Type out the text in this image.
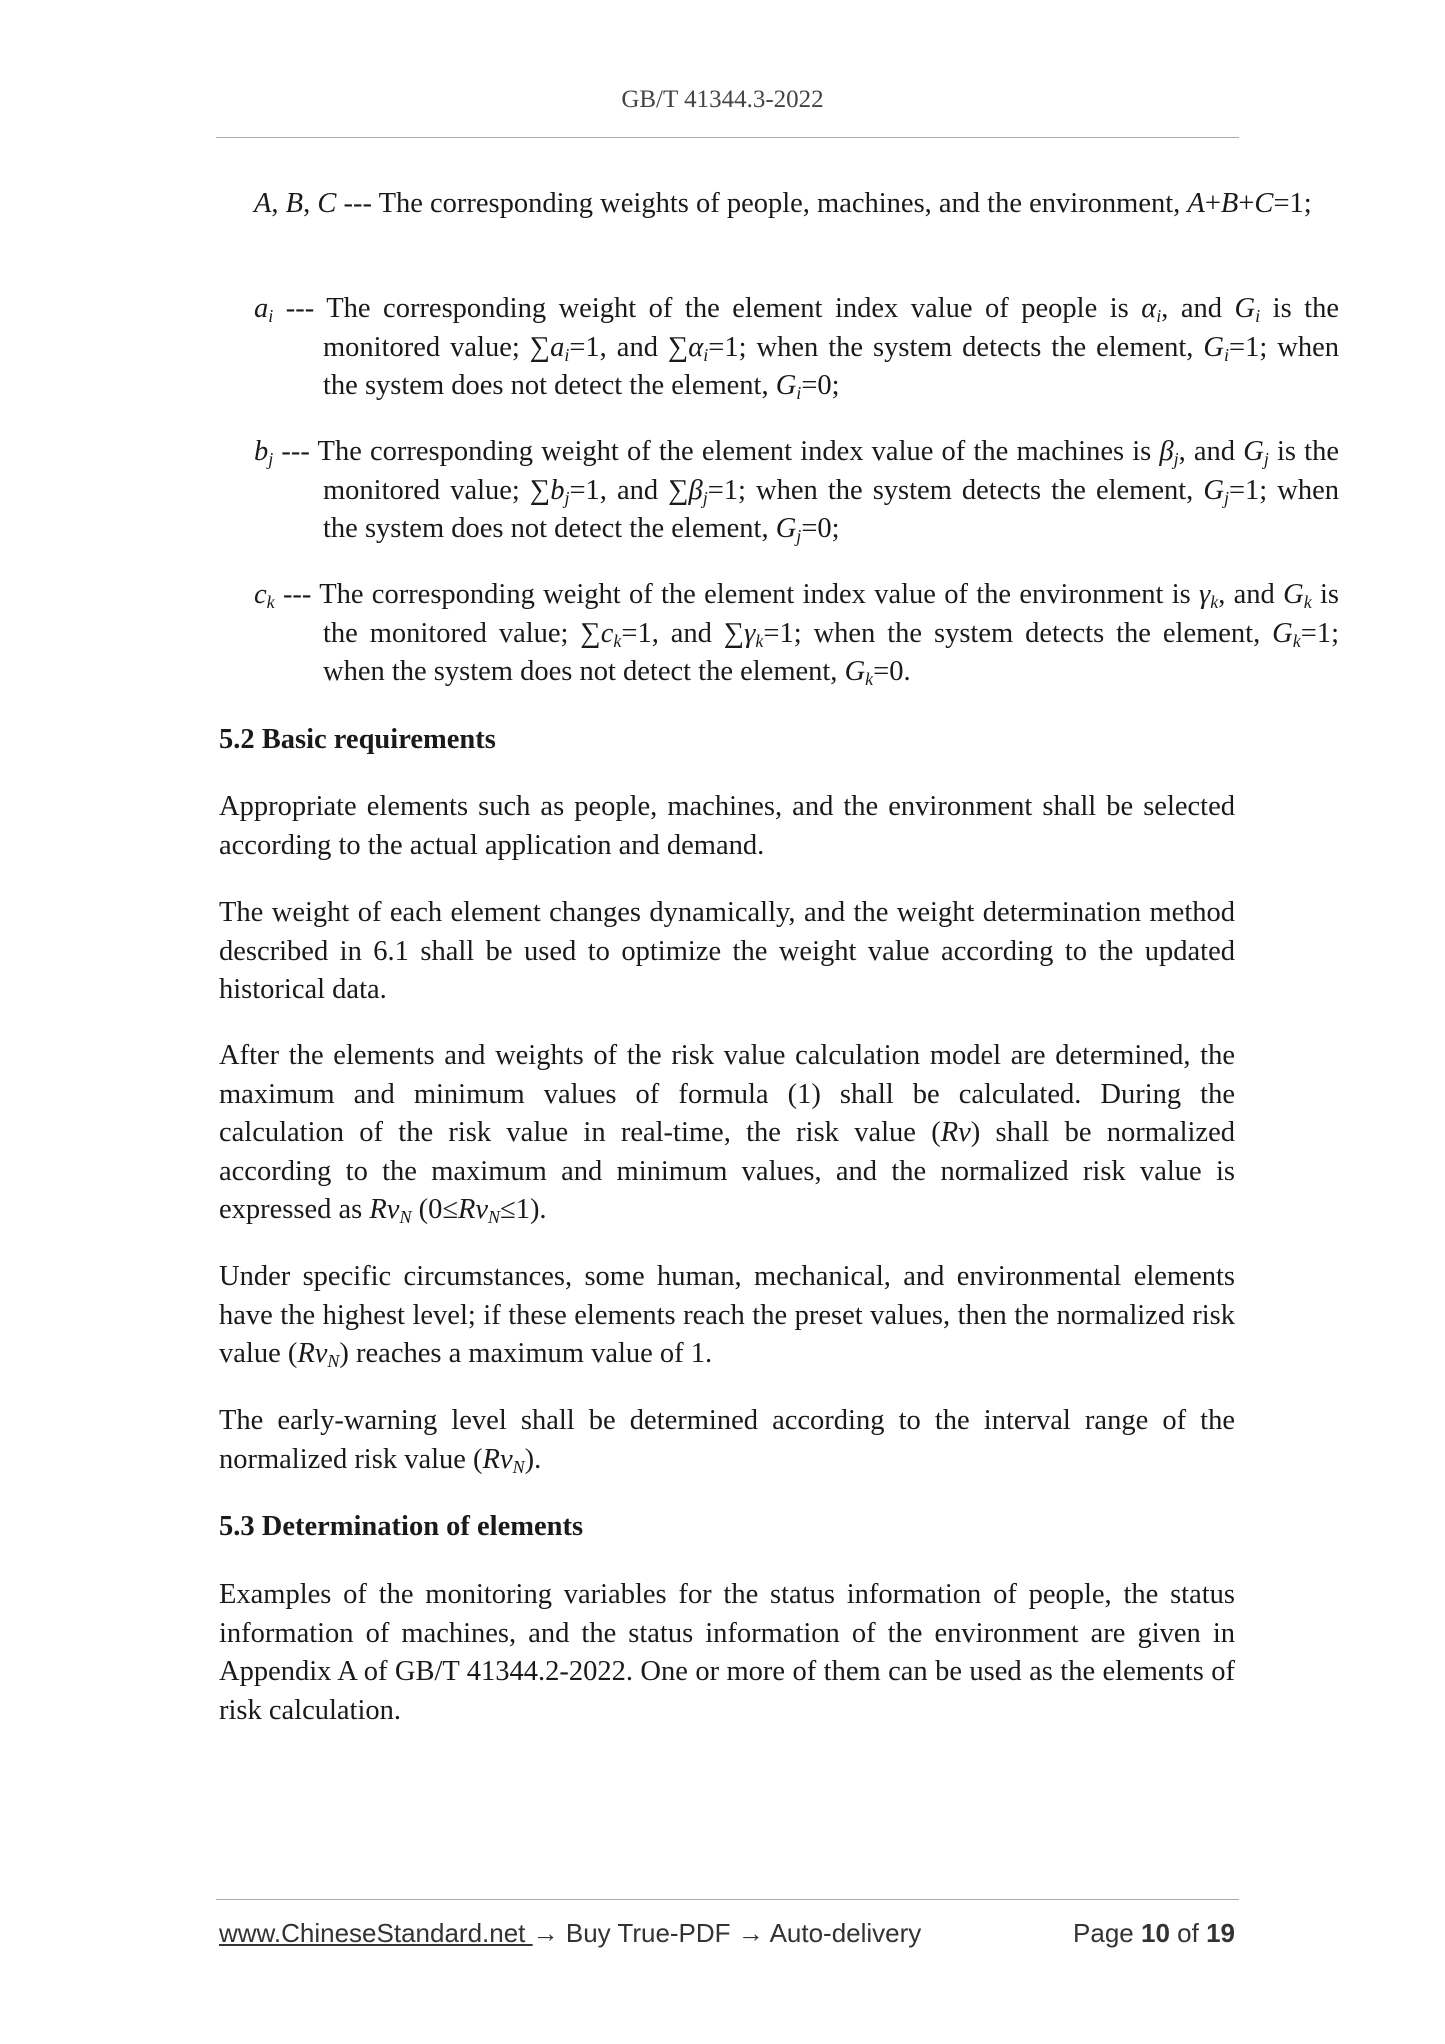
GB/T 41344.3-2022
A, B, C --- The corresponding weights of people, machines, and the environment, A+B+C=1;
$a_i$ --- The corresponding weight of the element index value of people is $\alpha_i$, and $G_i$ is the monitored value; $\sum a_i=1$, and $\sum\alpha_i=1$; when the system detects the element, $G_i=1$; when the system does not detect the element, $G_i=0$;
$b_j$ --- The corresponding weight of the element index value of the machines is $\beta_j$, and $G_j$ is the monitored value; $\sum b_j=1$, and $\sum\beta_j=1$; when the system detects the element, $G_j=1$; when the system does not detect the element, $G_j=0$;
$c_k$ --- The corresponding weight of the element index value of the environment is $\gamma_k$, and $G_k$ is the monitored value; $\sum c_k=1$, and $\sum\gamma_k=1$; when the system detects the element, $G_k=1$; when the system does not detect the element, $G_k=0$.
5.2 Basic requirements
Appropriate elements such as people, machines, and the environment shall be selected according to the actual application and demand.
The weight of each element changes dynamically, and the weight determination method described in 6.1 shall be used to optimize the weight value according to the updated historical data.
After the elements and weights of the risk value calculation model are determined, the maximum and minimum values of formula (1) shall be calculated. During the calculation of the risk value in real-time, the risk value (Rv) shall be normalized according to the maximum and minimum values, and the normalized risk value is expressed as $Rv_N$ $(0\le Rv_N\le 1)$.
Under specific circumstances, some human, mechanical, and environmental elements have the highest level; if these elements reach the preset values, then the normalized risk value $(Rv_N)$ reaches a maximum value of 1.
The early-warning level shall be determined according to the interval range of the normalized risk value $(Rv_N)$.
5.3 Determination of elements
Examples of the monitoring variables for the status information of people, the status information of machines, and the status information of the environment are given in Appendix A of GB/T 41344.2-2022. One or more of them can be used as the elements of risk calculation.
www.ChineseStandard.net → Buy True-PDF → Auto-delivery	Page 10 of 19
